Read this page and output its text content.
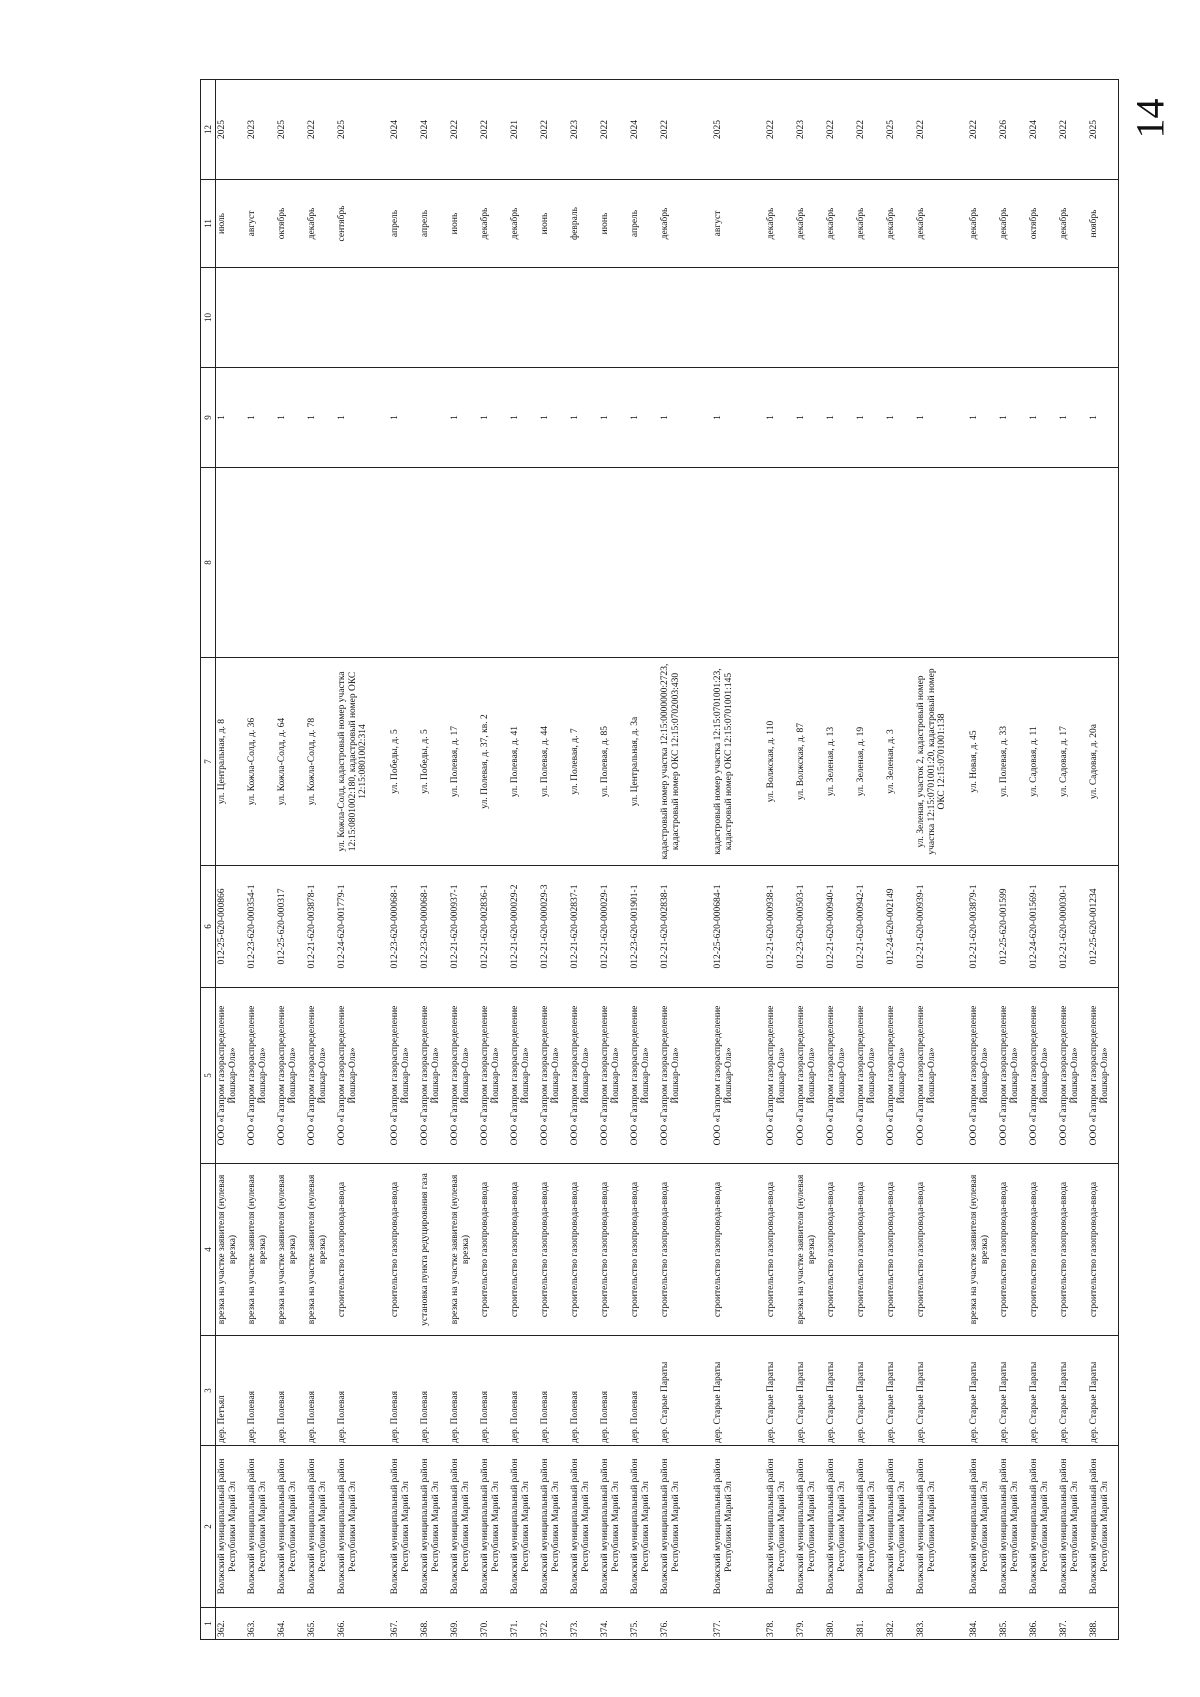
14
1	2	3	4	5	6	7	8	9	10	11	12
362.	Волжский муниципальный район Республики Марий Эл	дер. Петъял	врезка на участке заявителя (нулевая врезка)	ООО «Газпром газораспределение Йошкар-Ола»	012-25-620-000866	ул. Центральная, д. 8		1		июль	2025
363.	Волжский муниципальный район Республики Марий Эл	дер. Полевая	врезка на участке заявителя (нулевая врезка)	ООО «Газпром газораспределение Йошкар-Ола»	012-23-620-000354-1	ул. Кожла-Солд, д. 36		1		август	2023
364.	Волжский муниципальный район Республики Марий Эл	дер. Полевая	врезка на участке заявителя (нулевая врезка)	ООО «Газпром газораспределение Йошкар-Ола»	012-25-620-000317	ул. Кожла-Солд, д. 64		1		октябрь	2025
365.	Волжский муниципальный район Республики Марий Эл	дер. Полевая	врезка на участке заявителя (нулевая врезка)	ООО «Газпром газораспределение Йошкар-Ола»	012-21-620-003878-1	ул. Кожла-Солд, д. 78		1		декабрь	2022
366.	Волжский муниципальный район Республики Марий Эл	дер. Полевая	строительство газопровода-ввода	ООО «Газпром газораспределение Йошкар-Ола»	012-24-620-001779-1	ул. Кожла-Солд, кадастровый номер участка 12:15:0801002:180, кадастровый номер ОКС 12:15:0801002:314		1		сентябрь	2025
367.	Волжский муниципальный район Республики Марий Эл	дер. Полевая	строительство газопровода-ввода	ООО «Газпром газораспределение Йошкар-Ола»	012-23-620-000068-1	ул. Победы, д. 5		1		апрель	2024
368.	Волжский муниципальный район Республики Марий Эл	дер. Полевая	установка пункта редуцирования газа	ООО «Газпром газораспределение Йошкар-Ола»	012-23-620-000068-1	ул. Победы, д. 5				апрель	2024
369.	Волжский муниципальный район Республики Марий Эл	дер. Полевая	врезка на участке заявителя (нулевая врезка)	ООО «Газпром газораспределение Йошкар-Ола»	012-21-620-000937-1	ул. Полевая, д. 17		1		июнь	2022
370.	Волжский муниципальный район Республики Марий Эл	дер. Полевая	строительство газопровода-ввода	ООО «Газпром газораспределение Йошкар-Ола»	012-21-620-002836-1	ул. Полевая, д. 37, кв. 2		1		декабрь	2022
371.	Волжский муниципальный район Республики Марий Эл	дер. Полевая	строительство газопровода-ввода	ООО «Газпром газораспределение Йошкар-Ола»	012-21-620-000029-2	ул. Полевая, д. 41		1		декабрь	2021
372.	Волжский муниципальный район Республики Марий Эл	дер. Полевая	строительство газопровода-ввода	ООО «Газпром газораспределение Йошкар-Ола»	012-21-620-000029-3	ул. Полевая, д. 44		1		июнь	2022
373.	Волжский муниципальный район Республики Марий Эл	дер. Полевая	строительство газопровода-ввода	ООО «Газпром газораспределение Йошкар-Ола»	012-21-620-002837-1	ул. Полевая, д. 7		1		февраль	2023
374.	Волжский муниципальный район Республики Марий Эл	дер. Полевая	строительство газопровода-ввода	ООО «Газпром газораспределение Йошкар-Ола»	012-21-620-000029-1	ул. Полевая, д. 85		1		июнь	2022
375.	Волжский муниципальный район Республики Марий Эл	дер. Полевая	строительство газопровода-ввода	ООО «Газпром газораспределение Йошкар-Ола»	012-23-620-001901-1	ул. Центральная, д. 3а		1		апрель	2024
376.	Волжский муниципальный район Республики Марий Эл	дер. Старые Параты	строительство газопровода-ввода	ООО «Газпром газораспределение Йошкар-Ола»	012-21-620-002838-1	кадастровый номер участка 12:15:0000000:2723, кадастровый номер ОКС 12:15:0702003:430		1		декабрь	2022
377.	Волжский муниципальный район Республики Марий Эл	дер. Старые Параты	строительство газопровода-ввода	ООО «Газпром газораспределение Йошкар-Ола»	012-25-620-000684-1	кадастровый номер участка 12:15:0701001:23, кадастровый номер ОКС 12:15:0701001:145		1		август	2025
378.	Волжский муниципальный район Республики Марий Эл	дер. Старые Параты	строительство газопровода-ввода	ООО «Газпром газораспределение Йошкар-Ола»	012-21-620-000938-1	ул. Волжская, д. 110		1		декабрь	2022
379.	Волжский муниципальный район Республики Марий Эл	дер. Старые Параты	врезка на участке заявителя (нулевая врезка)	ООО «Газпром газораспределение Йошкар-Ола»	012-23-620-000503-1	ул. Волжская, д. 87		1		декабрь	2023
380.	Волжский муниципальный район Республики Марий Эл	дер. Старые Параты	строительство газопровода-ввода	ООО «Газпром газораспределение Йошкар-Ола»	012-21-620-000940-1	ул. Зеленая, д. 13		1		декабрь	2022
381.	Волжский муниципальный район Республики Марий Эл	дер. Старые Параты	строительство газопровода-ввода	ООО «Газпром газораспределение Йошкар-Ола»	012-21-620-000942-1	ул. Зеленая, д. 19		1		декабрь	2022
382.	Волжский муниципальный район Республики Марий Эл	дер. Старые Параты	строительство газопровода-ввода	ООО «Газпром газораспределение Йошкар-Ола»	012-24-620-002149	ул. Зеленая, д. 3		1		декабрь	2025
383.	Волжский муниципальный район Республики Марий Эл	дер. Старые Параты	строительство газопровода-ввода	ООО «Газпром газораспределение Йошкар-Ола»	012-21-620-000939-1	ул. Зеленая, участок 2, кадастровый номер участка 12:15:0701001:20, кадастровый номер ОКС 12:15:0701001:138		1		декабрь	2022
384.	Волжский муниципальный район Республики Марий Эл	дер. Старые Параты	врезка на участке заявителя (нулевая врезка)	ООО «Газпром газораспределение Йошкар-Ола»	012-21-620-003879-1	ул. Новая, д. 45		1		декабрь	2022
385.	Волжский муниципальный район Республики Марий Эл	дер. Старые Параты	строительство газопровода-ввода	ООО «Газпром газораспределение Йошкар-Ола»	012-25-620-001599	ул. Полевая, д. 33		1		декабрь	2026
386.	Волжский муниципальный район Республики Марий Эл	дер. Старые Параты	строительство газопровода-ввода	ООО «Газпром газораспределение Йошкар-Ола»	012-24-620-001569-1	ул. Садовая, д. 11		1		октябрь	2024
387.	Волжский муниципальный район Республики Марий Эл	дер. Старые Параты	строительство газопровода-ввода	ООО «Газпром газораспределение Йошкар-Ола»	012-21-620-000030-1	ул. Садовая, д. 17		1		декабрь	2022
388.	Волжский муниципальный район Республики Марий Эл	дер. Старые Параты	строительство газопровода-ввода	ООО «Газпром газораспределение Йошкар-Ола»	012-25-620-001234	ул. Садовая, д. 20а		1		ноябрь	2025
